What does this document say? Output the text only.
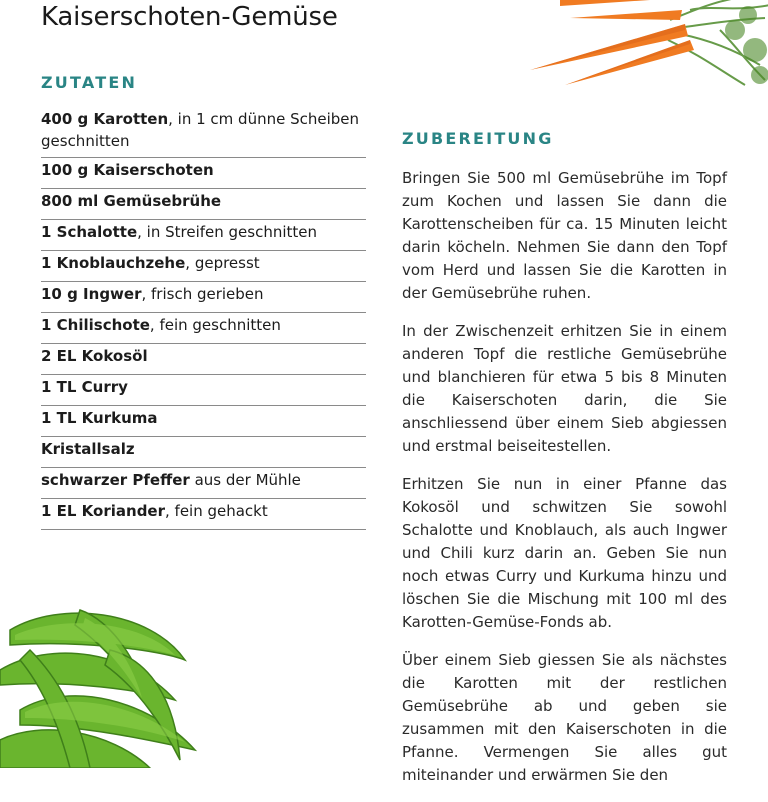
Kaiserschoten-Gemüse
ZUTATEN
400 g Karotten, in 1 cm dünne Scheiben geschnitten
100 g Kaiserschoten
800 ml Gemüsebrühe
1 Schalotte, in Streifen geschnitten
1 Knoblauchzehe, gepresst
10 g Ingwer, frisch gerieben
1 Chilischote, fein geschnitten
2 EL Kokosöl
1 TL Curry
1 TL Kurkuma
Kristallsalz
schwarzer Pfeffer aus der Mühle
1 EL Koriander, fein gehackt
ZUBEREITUNG

Bringen Sie 500 ml Gemüsebrühe im Topf zum Kochen und lassen Sie dann die Karottenscheiben für ca. 15 Minuten leicht darin köcheln. Nehmen Sie dann den Topf vom Herd und lassen Sie die Karotten in der Gemüsebrühe ruhen.

In der Zwischenzeit erhitzen Sie in einem anderen Topf die restliche Gemüsebrühe und blanchieren für etwa 5 bis 8 Minuten die Kaiserschoten darin, die Sie anschliessend über einem Sieb abgiessen und erstmal beiseitestellen.

Erhitzen Sie nun in einer Pfanne das Kokosöl und schwitzen Sie sowohl Schalotte und Knoblauch, als auch Ingwer und Chili kurz darin an. Geben Sie nun noch etwas Curry und Kurkuma hinzu und löschen Sie die Mischung mit 100 ml des Karotten-Gemüse-Fonds ab.

Über einem Sieb giessen Sie als nächstes die Karotten mit der restlichen Gemüsebrühe ab und geben sie zusammen mit den Kaiserschoten in die Pfanne. Vermengen Sie alles gut miteinander und erwärmen Sie den
